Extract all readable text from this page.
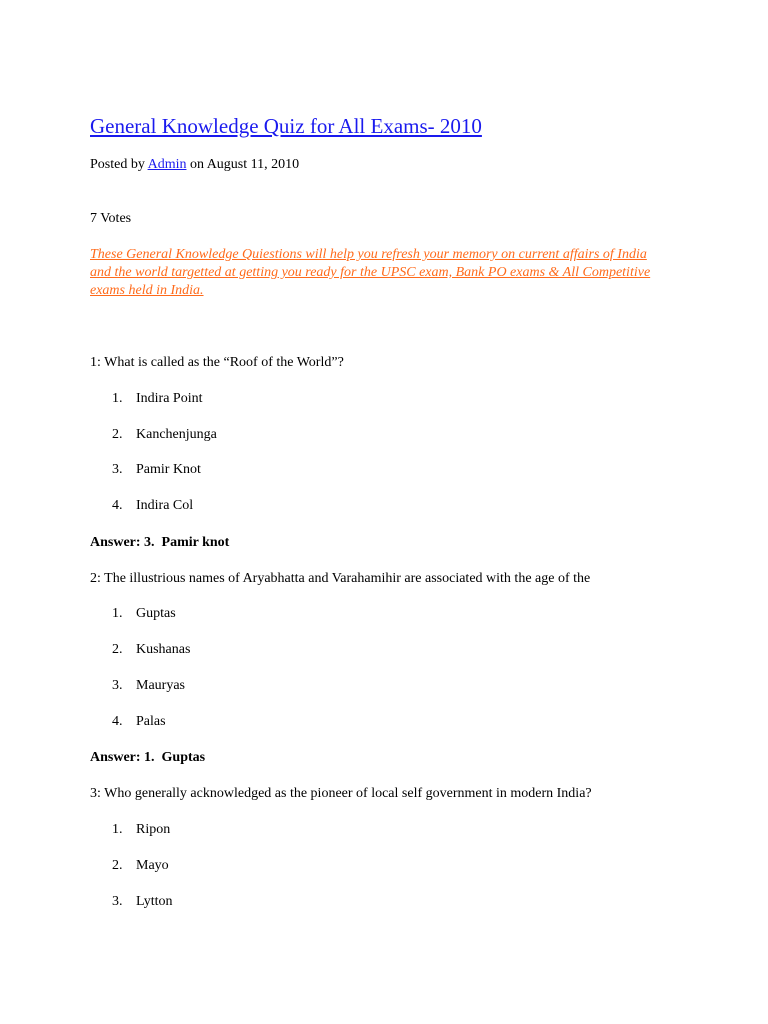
General Knowledge Quiz for All Exams- 2010
Posted by Admin on August 11, 2010
7 Votes

These General Knowledge Quiestions will help you refresh your memory on current affairs of India and the world targetted at getting you ready for the UPSC exam, Bank PO exams & All Competitive exams held in India.

1: What is called as the “Roof of the World”?
1. Indira Point
2. Kanchenjunga
3. Pamir Knot
4. Indira Col
Answer: 3.  Pamir knot
2: The illustrious names of Aryabhatta and Varahamihir are associated with the age of the
1. Guptas
2. Kushanas
3. Mauryas
4. Palas
Answer: 1.  Guptas
3: Who generally acknowledged as the pioneer of local self government in modern India?
1. Ripon
2. Mayo
3. Lytton
